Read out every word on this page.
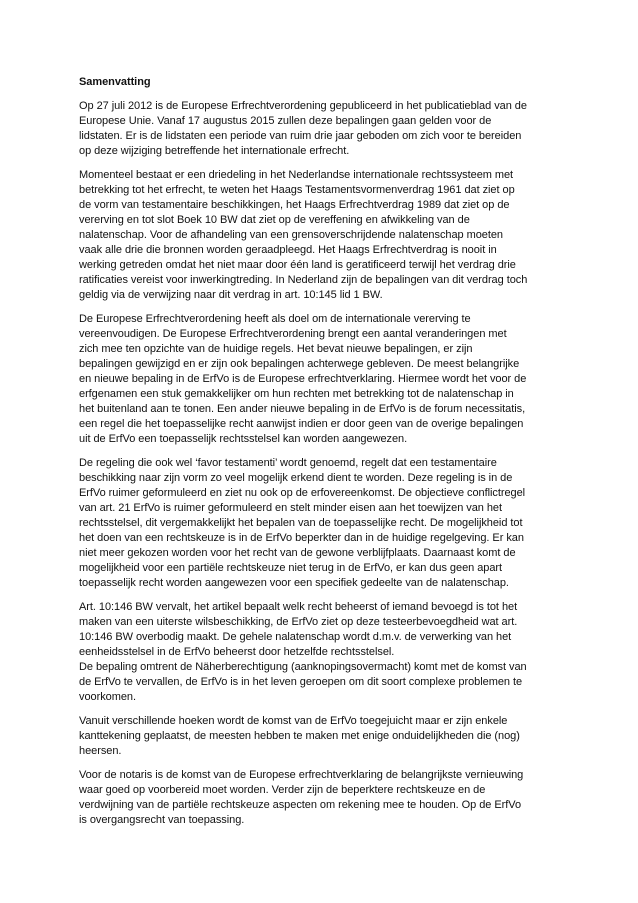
Samenvatting
Op 27 juli 2012 is de Europese Erfrechtverordening gepubliceerd in het publicatieblad van de
Europese Unie. Vanaf 17 augustus 2015 zullen deze bepalingen gaan gelden voor de
lidstaten. Er is de lidstaten een periode van ruim drie jaar geboden om zich voor te bereiden
op deze wijziging betreffende het internationale erfrecht.
Momenteel bestaat er een driedeling in het Nederlandse internationale rechtssysteem met
betrekking tot het erfrecht, te weten het Haags Testamentsvormenverdrag 1961 dat ziet op
de vorm van testamentaire beschikkingen, het Haags Erfrechtverdrag 1989 dat ziet op de
vererving en tot slot Boek 10 BW dat ziet op de vereffening en afwikkeling van de
nalatenschap. Voor de afhandeling van een grensoverschrijdende nalatenschap moeten
vaak alle drie die bronnen worden geraadpleegd. Het Haags Erfrechtverdrag is nooit in
werking getreden omdat het niet maar door één land is geratificeerd terwijl het verdrag drie
ratificaties vereist voor inwerkingtreding. In Nederland zijn de bepalingen van dit verdrag toch
geldig via de verwijzing naar dit verdrag in art. 10:145 lid 1 BW.
De Europese Erfrechtverordening heeft als doel om de internationale vererving te
vereenvoudigen. De Europese Erfrechtverordening brengt een aantal veranderingen met
zich mee ten opzichte van de huidige regels. Het bevat nieuwe bepalingen, er zijn
bepalingen gewijzigd en er zijn ook bepalingen achterwege gebleven. De meest belangrijke
en nieuwe bepaling in de ErfVo is de Europese erfrechtverklaring. Hiermee wordt het voor de
erfgenamen een stuk gemakkelijker om hun rechten met betrekking tot de nalatenschap in
het buitenland aan te tonen. Een ander nieuwe bepaling in de ErfVo is de forum necessitatis,
een regel die het toepasselijke recht aanwijst indien er door geen van de overige bepalingen
uit de ErfVo een toepasselijk rechtsstelsel kan worden aangewezen.
De regeling die ook wel ‘favor testamenti’ wordt genoemd, regelt dat een testamentaire
beschikking naar zijn vorm zo veel mogelijk erkend dient te worden. Deze regeling is in de
ErfVo ruimer geformuleerd en ziet nu ook op de erfovereenkomst. De objectieve conflictregel
van art. 21 ErfVo is ruimer geformuleerd en stelt minder eisen aan het toewijzen van het
rechtsstelsel, dit vergemakkelijkt het bepalen van de toepasselijke recht. De mogelijkheid tot
het doen van een rechtskeuze is in de ErfVo beperkter dan in de huidige regelgeving. Er kan
niet meer gekozen worden voor het recht van de gewone verblijfplaats. Daarnaast komt de
mogelijkheid voor een partiële rechtskeuze niet terug in de ErfVo, er kan dus geen apart
toepasselijk recht worden aangewezen voor een specifiek gedeelte van de nalatenschap.
Art. 10:146 BW vervalt, het artikel bepaalt welk recht beheerst of iemand bevoegd is tot het
maken van een uiterste wilsbeschikking, de ErfVo ziet op deze testeerbevoegdheid wat art.
10:146 BW overbodig maakt. De gehele nalatenschap wordt d.m.v. de verwerking van het
eenheidsstelsel in de ErfVo beheerst door hetzelfde rechtsstelsel.
De bepaling omtrent de Näherberechtigung (aanknopingsovermacht) komt met de komst van
de ErfVo te vervallen, de ErfVo is in het leven geroepen om dit soort complexe problemen te
voorkomen.
Vanuit verschillende hoeken wordt de komst van de ErfVo toegejuicht maar er zijn enkele
kanttekening geplaatst, de meesten hebben te maken met enige onduidelijkheden die (nog)
heersen.
Voor de notaris is de komst van de Europese erfrechtverklaring de belangrijkste vernieuwing
waar goed op voorbereid moet worden. Verder zijn de beperktere rechtskeuze en de
verdwijning van de partiële rechtskeuze aspecten om rekening mee te houden. Op de ErfVo
is overgangsrecht van toepassing.
